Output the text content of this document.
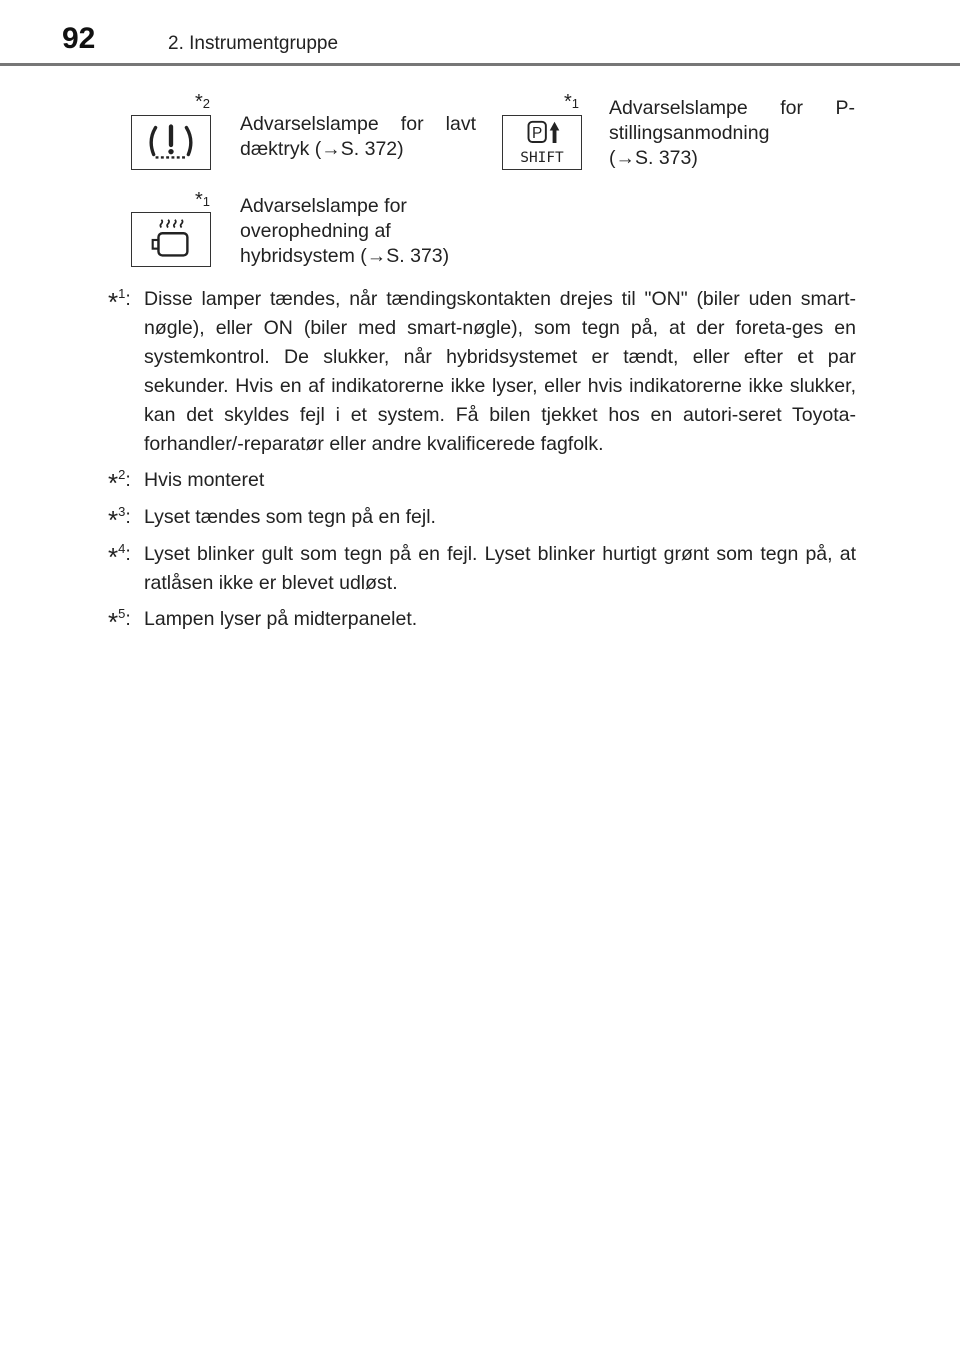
92	2. Instrumentgruppe
*$^2$
Advarselslampe for lavt
dæktryk (→S. 372)
P
SHIFT
*$^1$ Advarselslampe for P-
stillingsanmodning
(→S. 373)
*$^1$ Advarselslampe for
overophedning af
hybridsystem (→S. 373)
*$^1$: Disse lamper tændes, når tændingskontakten drejes til "ON" (biler uden smart-nøgle), eller ON (biler med smart-nøgle), som tegn på, at der foreta-ges en systemkontrol. De slukker, når hybridsystemet er tændt, eller efter et par sekunder. Hvis en af indikatorerne ikke lyser, eller hvis indikatorerne ikke slukker, kan det skyldes fejl i et system. Få bilen tjekket hos en autori-seret Toyota-forhandler/-reparatør eller andre kvalificerede fagfolk.
*$^2$: Hvis monteret
*$^3$: Lyset tændes som tegn på en fejl.
*$^4$: Lyset blinker gult som tegn på en fejl. Lyset blinker hurtigt grønt som tegn på, at ratlåsen ikke er blevet udløst.
*$^5$: Lampen lyser på midterpanelet.
